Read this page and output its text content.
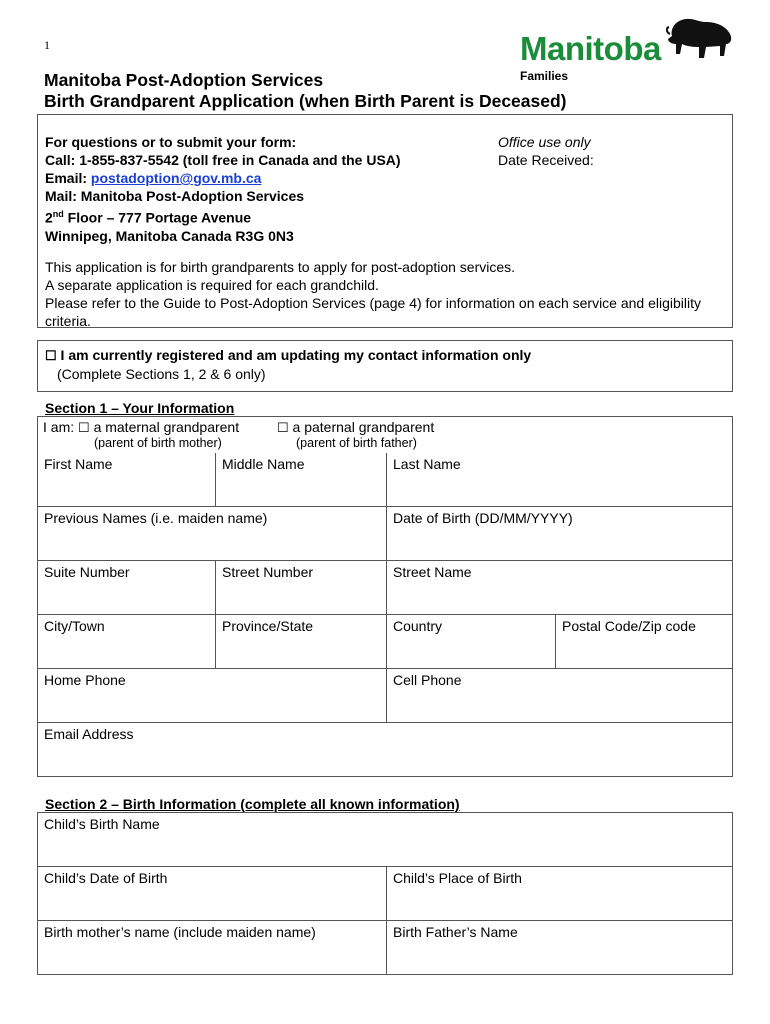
1	Manitoba
Families
Manitoba Post-Adoption Services
Birth Grandparent Application (when Birth Parent is Deceased)
For questions or to submit your form:
Call: 1-855-837-5542 (toll free in Canada and the USA)
Email: postadoption@gov.mb.ca
Mail: Manitoba Post-Adoption Services
2nd Floor – 777 Portage Avenue
Winnipeg, Manitoba Canada R3G 0N3
Office use only
Date Received:
This application is for birth grandparents to apply for post-adoption services.
A separate application is required for each grandchild.
Please refer to the Guide to Post-Adoption Services (page 4) for information on each service and eligibility criteria.
☐ I am currently registered and am updating my contact information only
(Complete Sections 1, 2 & 6 only)
Section 1 – Your Information
I am: ☐ a maternal grandparent
(parent of birth mother)
☐ a paternal grandparent
(parent of birth father)
First Name	Middle Name	Last Name
Previous Names (i.e. maiden name)	Date of Birth (DD/MM/YYYY)
Suite Number	Street Number	Street Name
City/Town	Province/State	Country	Postal Code/Zip code
Home Phone	Cell Phone
Email Address
Section 2 – Birth Information (complete all known information)
Child’s Birth Name
Child’s Date of Birth	Child’s Place of Birth
Birth mother’s name (include maiden name)	Birth Father’s Name
